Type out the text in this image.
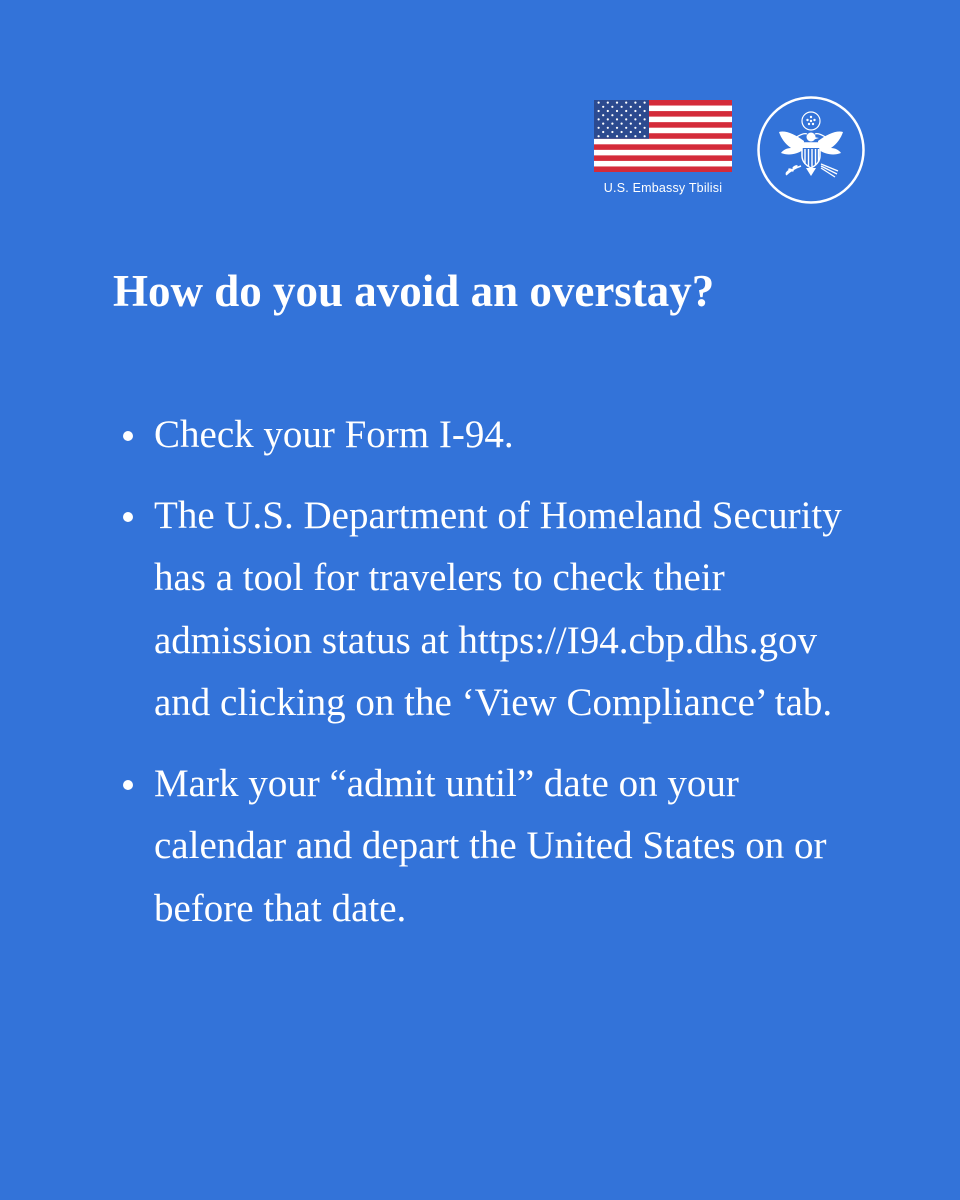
U.S. Embassy Tbilisi
How do you avoid an overstay?
Check your Form I-94.
The U.S. Department of Homeland Security has a tool for travelers to check their admission status at https://I94.cbp.dhs.gov and clicking on the ‘View Compliance’ tab.
Mark your “admit until” date on your calendar and depart the United States on or before that date.
